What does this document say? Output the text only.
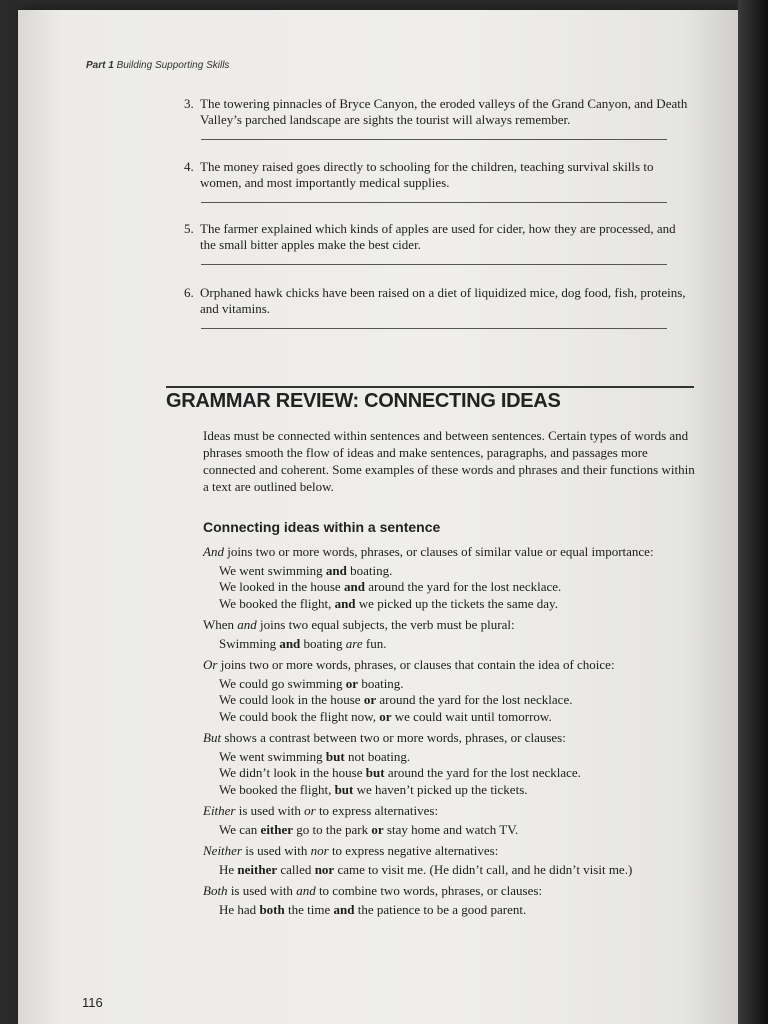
Part 1 Building Supporting Skills
3. The towering pinnacles of Bryce Canyon, the eroded valleys of the Grand Canyon, and Death Valley’s parched landscape are sights the tourist will always remember.
4. The money raised goes directly to schooling for the children, teaching survival skills to women, and most importantly medical supplies.
5. The farmer explained which kinds of apples are used for cider, how they are processed, and the small bitter apples make the best cider.
6. Orphaned hawk chicks have been raised on a diet of liquidized mice, dog food, fish, proteins, and vitamins.
GRAMMAR REVIEW: CONNECTING IDEAS
Ideas must be connected within sentences and between sentences. Certain types of words and phrases smooth the flow of ideas and make sentences, paragraphs, and passages more connected and coherent. Some examples of these words and phrases and their functions within a text are outlined below.
Connecting ideas within a sentence

And joins two or more words, phrases, or clauses of similar value or equal importance:

We went swimming and boating.

We looked in the house and around the yard for the lost necklace.

We booked the flight, and we picked up the tickets the same day.

When and joins two equal subjects, the verb must be plural:

Swimming and boating are fun.

Or joins two or more words, phrases, or clauses that contain the idea of choice:

We could go swimming or boating.

We could look in the house or around the yard for the lost necklace.

We could book the flight now, or we could wait until tomorrow.

But shows a contrast between two or more words, phrases, or clauses:

We went swimming but not boating.

We didn’t look in the house but around the yard for the lost necklace.

We booked the flight, but we haven’t picked up the tickets.

Either is used with or to express alternatives:

We can either go to the park or stay home and watch TV.

Neither is used with nor to express negative alternatives:

He neither called nor came to visit me. (He didn’t call, and he didn’t visit me.)

Both is used with and to combine two words, phrases, or clauses:

He had both the time and the patience to be a good parent.

116
